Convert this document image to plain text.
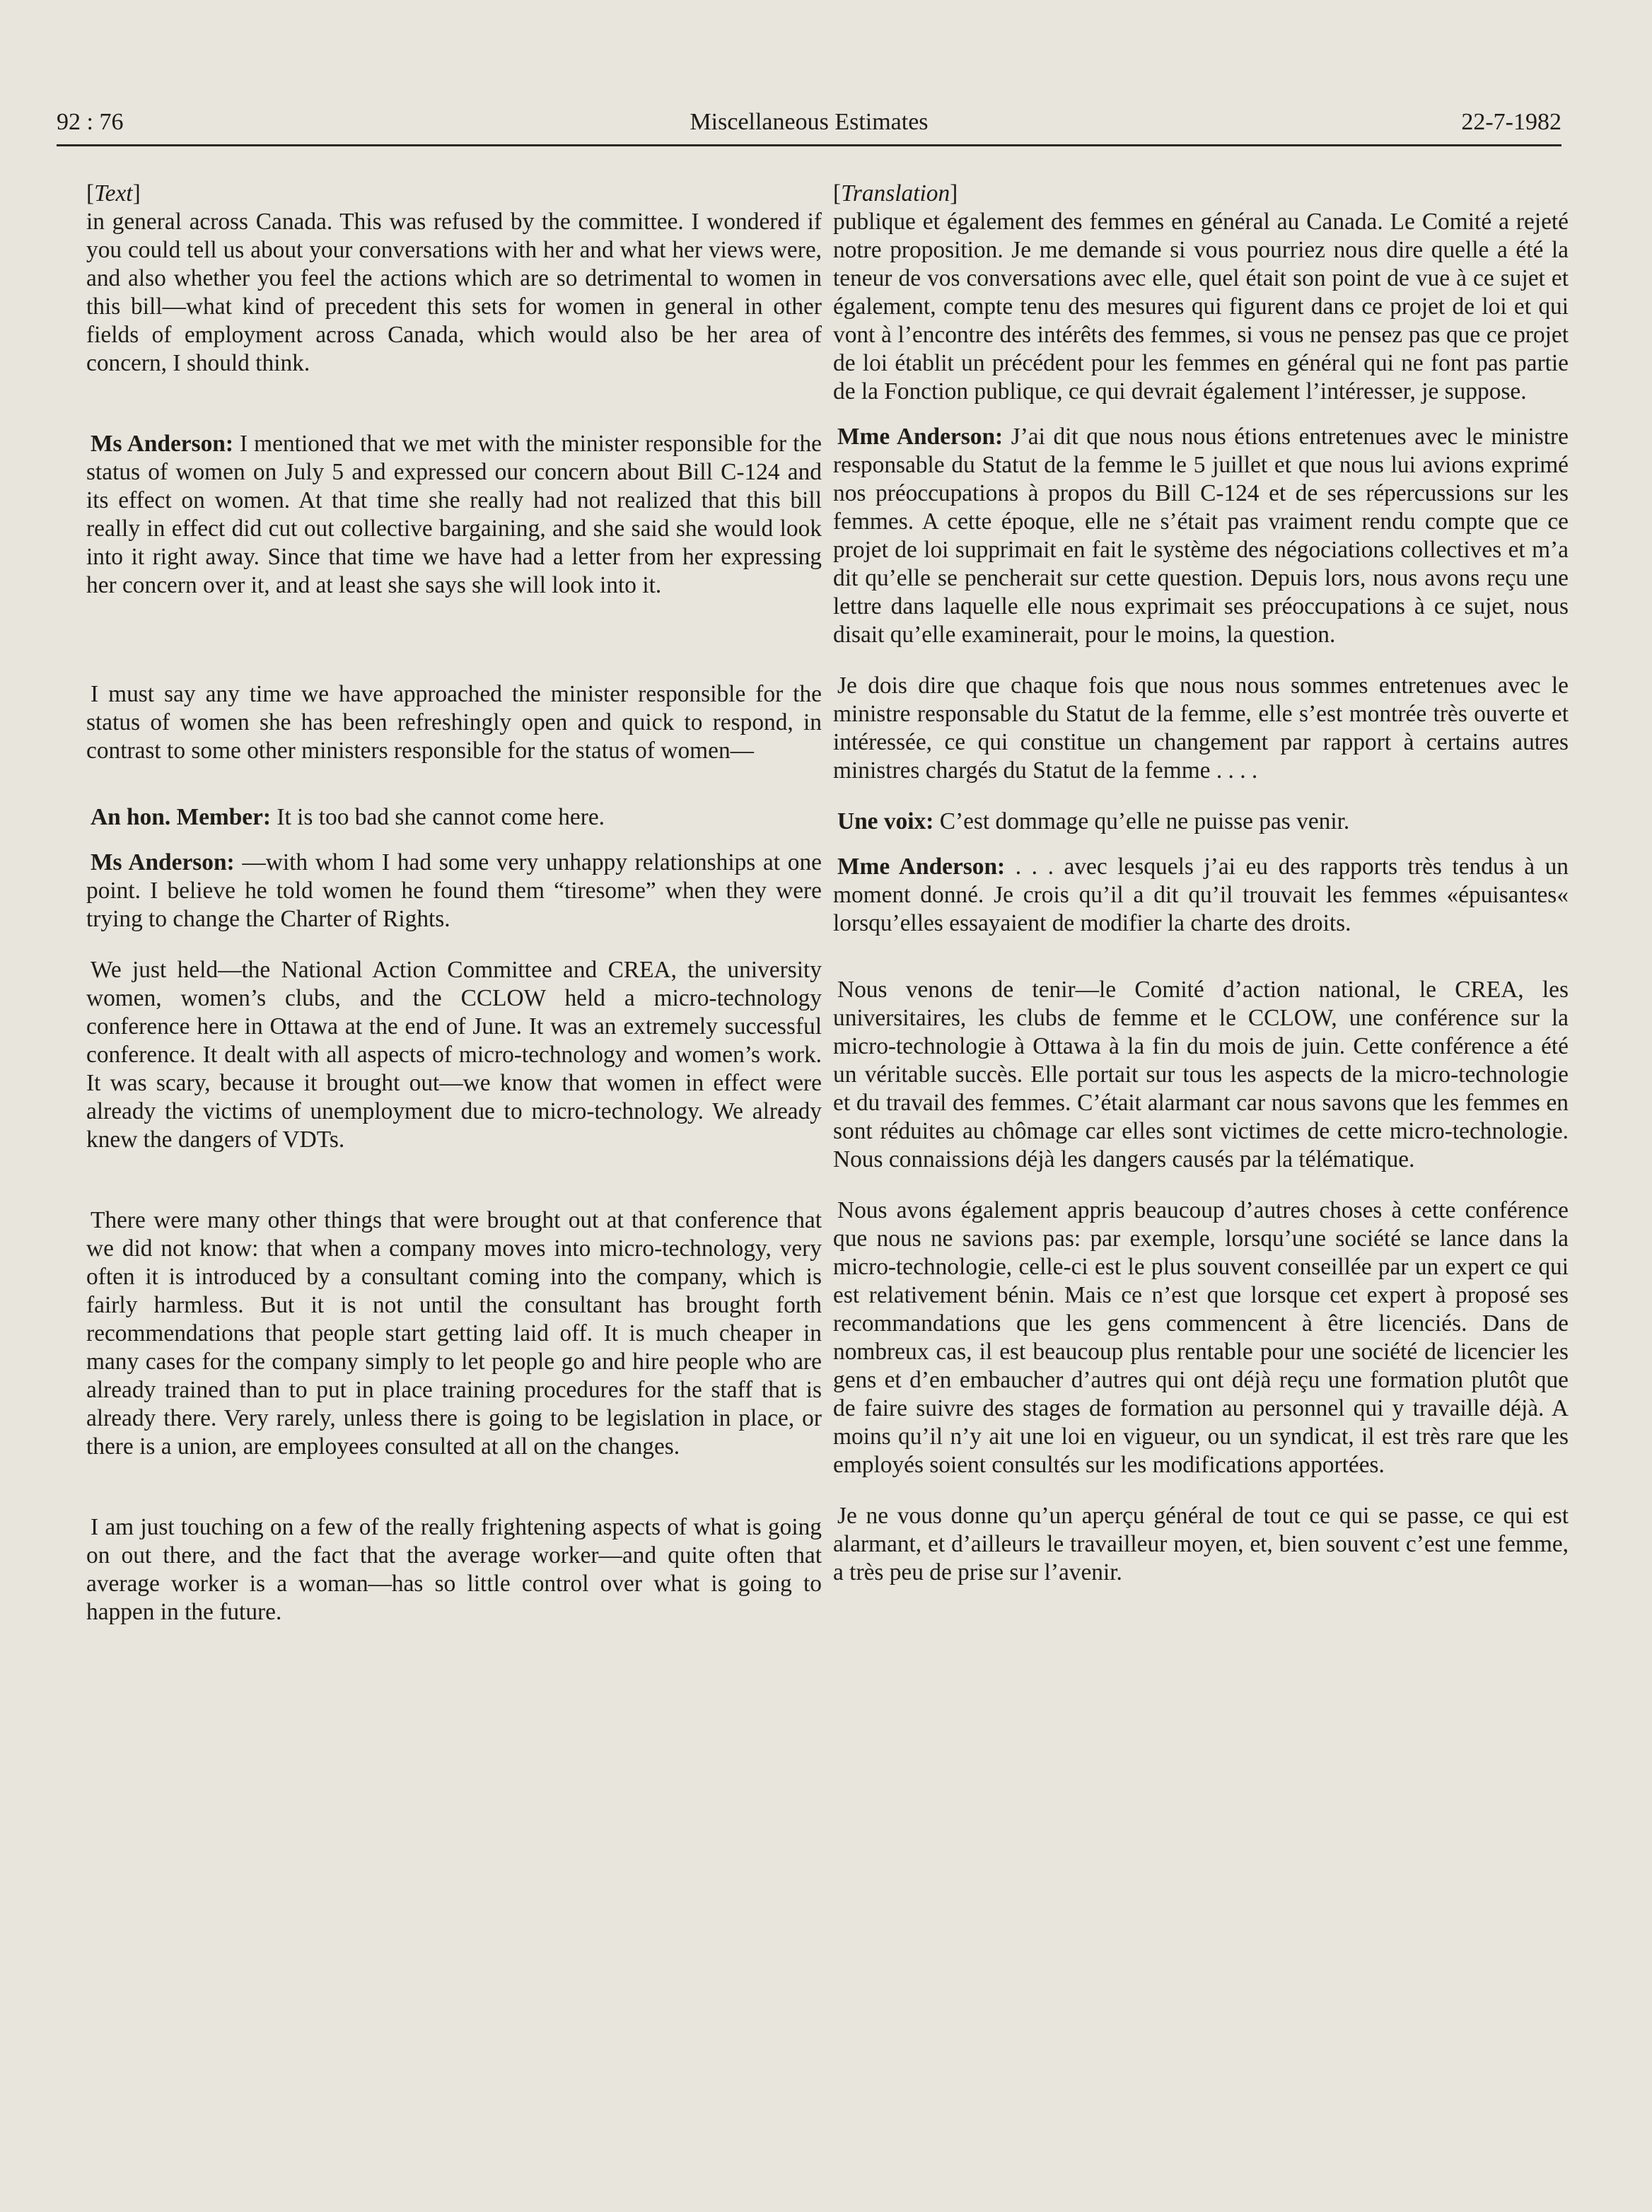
Miscellaneous Estimates
92 : 76	22-7-1982
[Text]

in general across Canada. This was refused by the committee. I wondered if you could tell us about your conversations with her and what her views were, and also whether you feel the actions which are so detrimental to women in this bill—what kind of precedent this sets for women in general in other fields of employment across Canada, which would also be her area of concern, I should think.

Ms Anderson: I mentioned that we met with the minister responsible for the status of women on July 5 and expressed our concern about Bill C-124 and its effect on women. At that time she really had not realized that this bill really in effect did cut out collective bargaining, and she said she would look into it right away. Since that time we have had a letter from her expressing her concern over it, and at least she says she will look into it.

I must say any time we have approached the minister responsible for the status of women she has been refreshingly open and quick to respond, in contrast to some other ministers responsible for the status of women—

An hon. Member: It is too bad she cannot come here.

Ms Anderson: —with whom I had some very unhappy relationships at one point. I believe he told women he found them “tiresome” when they were trying to change the Charter of Rights.

We just held—the National Action Committee and CREA, the university women, women’s clubs, and the CCLOW held a micro-technology conference here in Ottawa at the end of June. It was an extremely successful conference. It dealt with all aspects of micro-technology and women’s work. It was scary, because it brought out—we know that women in effect were already the victims of unemployment due to micro-technology. We already knew the dangers of VDTs.

There were many other things that were brought out at that conference that we did not know: that when a company moves into micro-technology, very often it is introduced by a consultant coming into the company, which is fairly harmless. But it is not until the consultant has brought forth recommendations that people start getting laid off. It is much cheaper in many cases for the company simply to let people go and hire people who are already trained than to put in place training procedures for the staff that is already there. Very rarely, unless there is going to be legislation in place, or there is a union, are employees consulted at all on the changes.

I am just touching on a few of the really frightening aspects of what is going on out there, and the fact that the average worker—and quite often that average worker is a woman—has so little control over what is going to happen in the future.

[Translation]

publique et également des femmes en général au Canada. Le Comité a rejeté notre proposition. Je me demande si vous pourriez nous dire quelle a été la teneur de vos conversations avec elle, quel était son point de vue à ce sujet et également, compte tenu des mesures qui figurent dans ce projet de loi et qui vont à l’encontre des intérêts des femmes, si vous ne pensez pas que ce projet de loi établit un précédent pour les femmes en général qui ne font pas partie de la Fonction publique, ce qui devrait également l’intéresser, je suppose.

Mme Anderson: J’ai dit que nous nous étions entretenues avec le ministre responsable du Statut de la femme le 5 juillet et que nous lui avions exprimé nos préoccupations à propos du Bill C-124 et de ses répercussions sur les femmes. A cette époque, elle ne s’était pas vraiment rendu compte que ce projet de loi supprimait en fait le système des négociations collectives et m’a dit qu’elle se pencherait sur cette question. Depuis lors, nous avons reçu une lettre dans laquelle elle nous exprimait ses préoccupations à ce sujet, nous disait qu’elle examinerait, pour le moins, la question.

Je dois dire que chaque fois que nous nous sommes entretenues avec le ministre responsable du Statut de la femme, elle s’est montrée très ouverte et intéressée, ce qui constitue un changement par rapport à certains autres ministres chargés du Statut de la femme . . . .

Une voix: C’est dommage qu’elle ne puisse pas venir.

Mme Anderson: . . . avec lesquels j’ai eu des rapports très tendus à un moment donné. Je crois qu’il a dit qu’il trouvait les femmes «épuisantes« lorsqu’elles essayaient de modifier la charte des droits.

Nous venons de tenir—le Comité d’action national, le CREA, les universitaires, les clubs de femme et le CCLOW, une conférence sur la micro-technologie à Ottawa à la fin du mois de juin. Cette conférence a été un véritable succès. Elle portait sur tous les aspects de la micro-technologie et du travail des femmes. C’était alarmant car nous savons que les femmes en sont réduites au chômage car elles sont victimes de cette micro-technologie. Nous connaissions déjà les dangers causés par la télématique.

Nous avons également appris beaucoup d’autres choses à cette conférence que nous ne savions pas: par exemple, lorsqu’une société se lance dans la micro-technologie, celle-ci est le plus souvent conseillée par un expert ce qui est relativement bénin. Mais ce n’est que lorsque cet expert à proposé ses recommandations que les gens commencent à être licenciés. Dans de nombreux cas, il est beaucoup plus rentable pour une société de licencier les gens et d’en embaucher d’autres qui ont déjà reçu une formation plutôt que de faire suivre des stages de formation au personnel qui y travaille déjà. A moins qu’il n’y ait une loi en vigueur, ou un syndicat, il est très rare que les employés soient consultés sur les modifications apportées.

Je ne vous donne qu’un aperçu général de tout ce qui se passe, ce qui est alarmant, et d’ailleurs le travailleur moyen, et, bien souvent c’est une femme, a très peu de prise sur l’avenir.
